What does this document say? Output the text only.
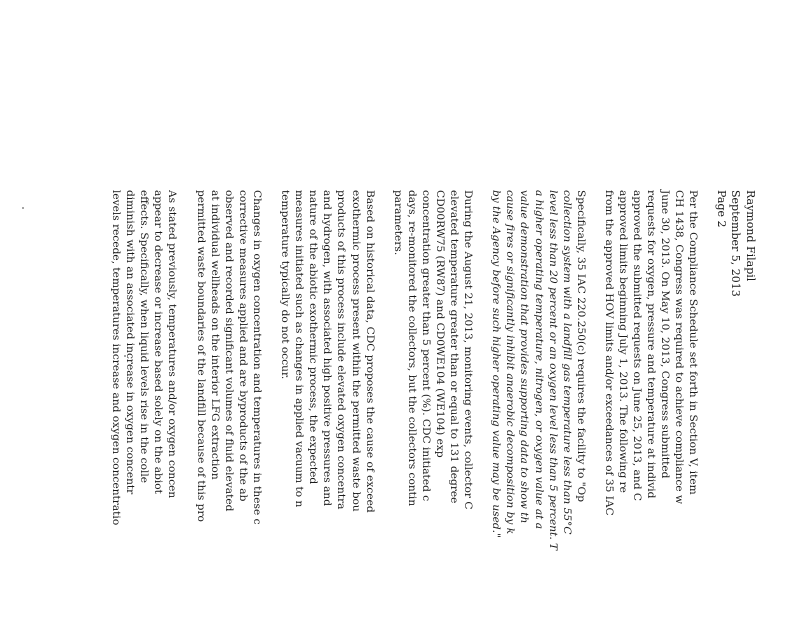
Raymond Filapil

September 5, 2013

Page 2

Per the Compliance Schedule set forth in Section V, item
CH 1438, Congress was required to achieve compliance w
June 30, 2013. On May 10, 2013, Congress submitted
requests for oxygen, pressure and temperature at individ
approved the submitted requests on June 25, 2013, and C
approved limits beginning July 1, 2013. The following re
from the approved HOV limits and/or exceedances of 35 IAC
Specifically, 35 IAC 220.250(c) requires the facility to "Op
collection system with a landfill gas temperature less than 55°C
level less than 20 percent or an oxygen level less than 5 percent. T
a higher operating temperature, nitrogen, or oxygen value at a
value demonstration that provides supporting data to show th
cause fires or significantly inhibit anaerobic decomposition by k
by the Agency before such higher operating value may be used."
During the August 21, 2013, monitoring events, collector C
elevated temperature greater than or equal to 131 degree
CD00RW75 (RW87) and CD0WE104 (WE104) exp
concentration greater than 5 percent (%). CDC initiated c
days, re-monitored the collectors, but the collectors contin
parameters.
Based on historical data, CDC proposes the cause of exceed
exothermic process present within the permitted waste bou
products of this process include elevated oxygen concentra
and hydrogen, with associated high positive pressures and
nature of the abiotic exothermic process, the expected
measures initiated such as changes in applied vacuum to n
temperature typically do not occur.
Changes in oxygen concentration and temperatures in these c
corrective measures applied and are byproducts of the ab
observed and recorded significant volumes of fluid elevated
at individual wellheads on the interior LFG extraction
permitted waste boundaries of the landfill because of this pro
As stated previously, temperatures and/or oxygen concen
appear to decrease or increase based solely on the abiot
effects. Specifically, when liquid levels rise in the colle
diminish with an associated increase in oxygen concentr
levels recede, temperatures increase and oxygen concentratio
